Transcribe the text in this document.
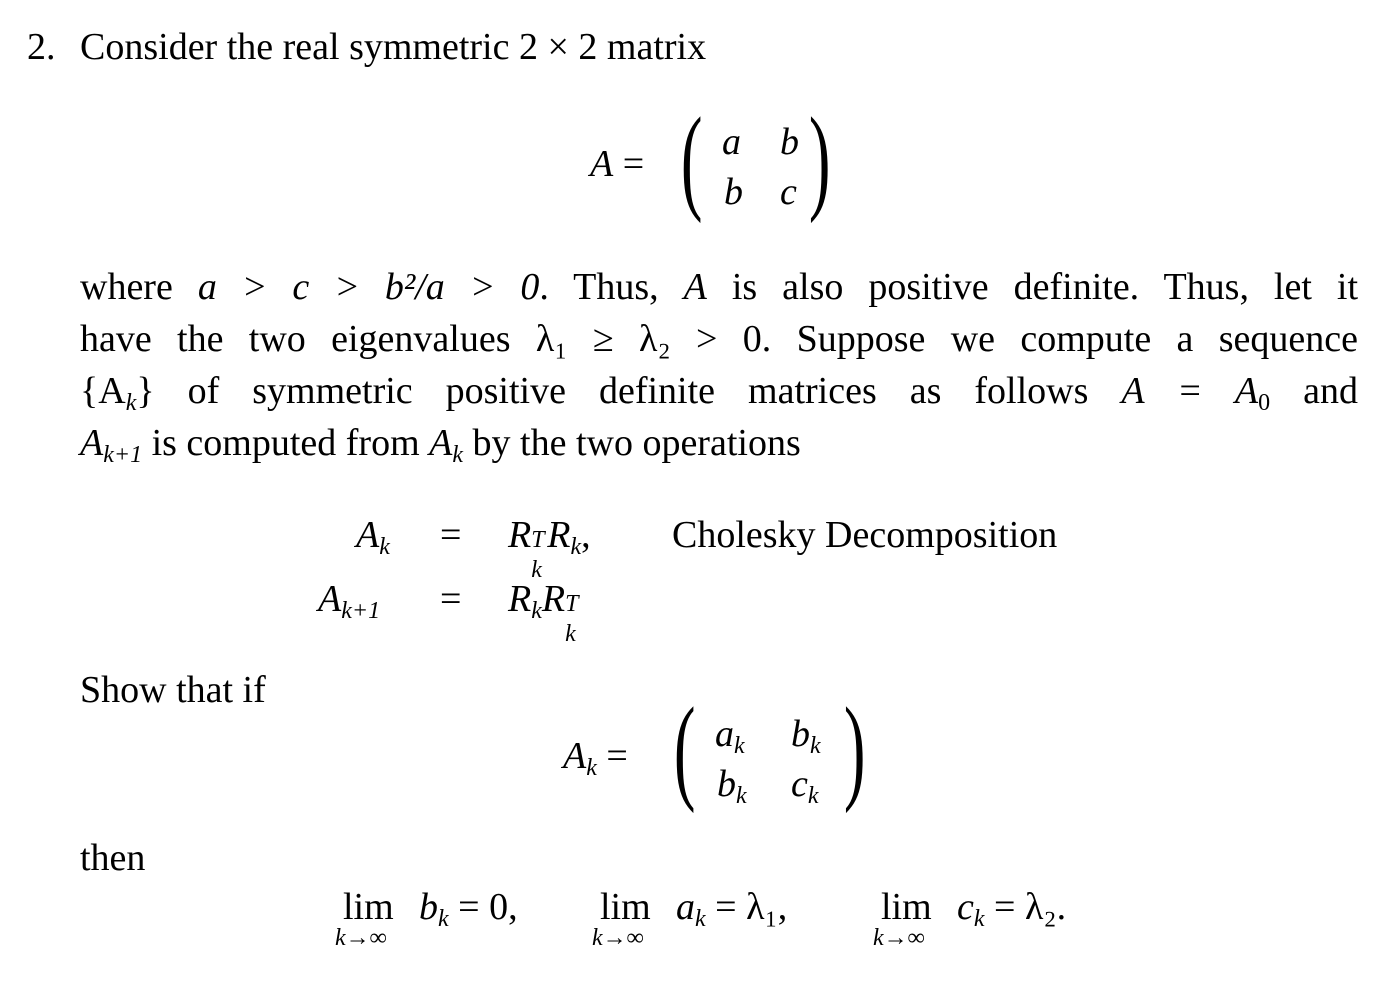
2. Consider the real symmetric 2 × 2 matrix
A = ( a b
b c )
where a > c > b²/a > 0. Thus, A is also positive definite. Thus, let it
have the two eigenvalues λ₁ ≥ λ₂ > 0. Suppose we compute a sequence
$\{A_k\}$ of symmetric positive definite matrices as follows $A = A_0$ and
$A_{k+1}$ is computed from $A_k$ by the two operations
$A_k = R$ T
k
$R_k$, Cholesky Decomposition
$A_{k+1} = R_kR$ T
k
Show that if
$A_k$ = ( $a_k$ $b_k$
$b_k$ $c_k$ )
then
lim
k→∞
$b_k = 0$, lim
k→∞
$a_k = \lambda_1$, lim
k→∞
$c_k = \lambda_2$.
